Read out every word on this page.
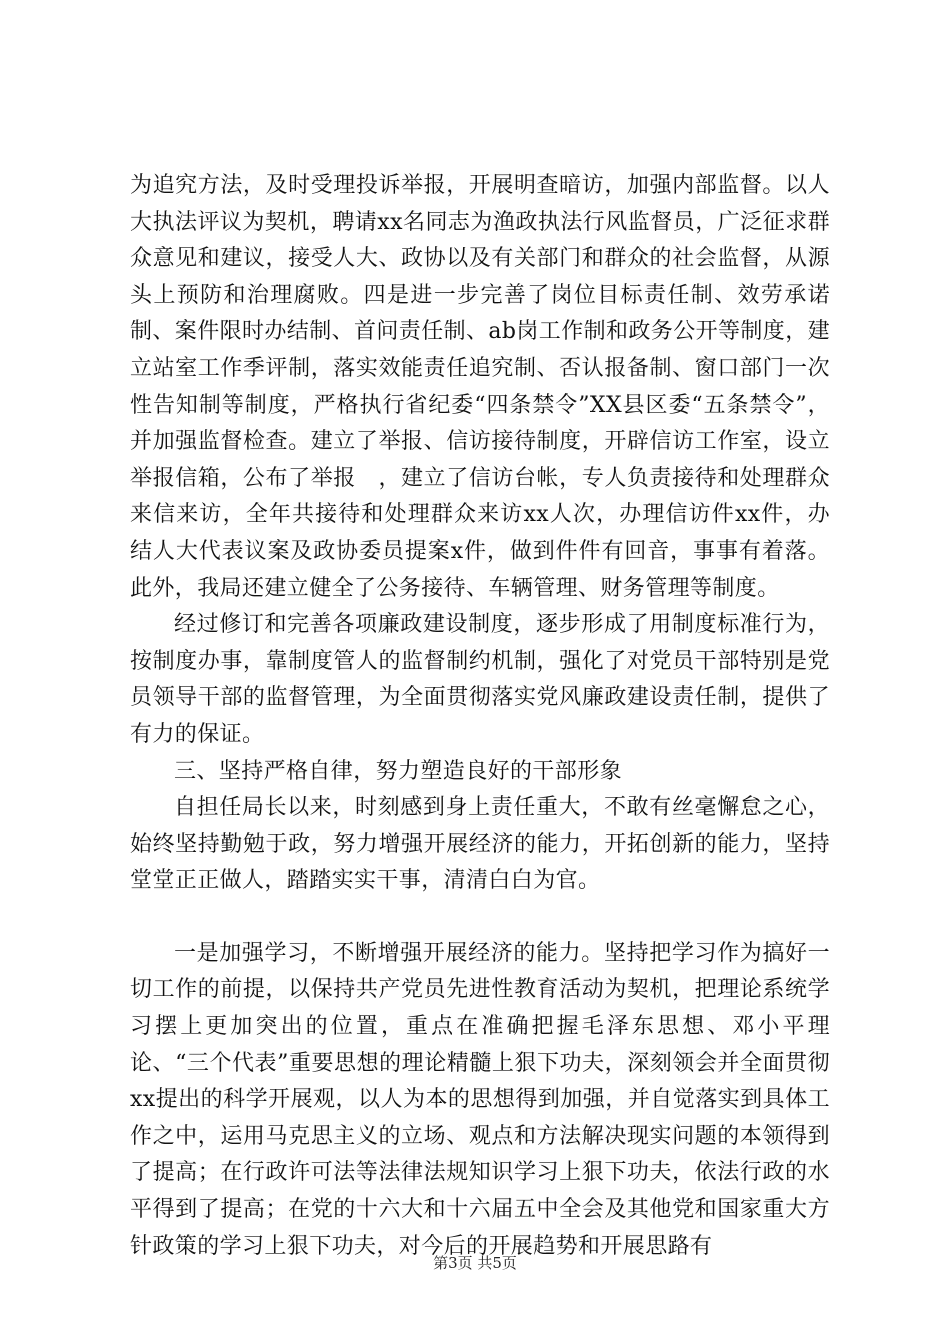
为追究方法，及时受理投诉举报，开展明查暗访，加强内部监督。以人大执法评议为契机，聘请xx名同志为渔政执法行风监督员，广泛征求群众意见和建议，接受人大、政协以及有关部门和群众的社会监督，从源头上预防和治理腐败。四是进一步完善了岗位目标责任制、效劳承诺制、案件限时办结制、首问责任制、ab岗工作制和政务公开等制度，建立站室工作季评制，落实效能责任追究制、否认报备制、窗口部门一次性告知制等制度，严格执行省纪委“四条禁令”XX县区委“五条禁令”，并加强监督检查。建立了举报、信访接待制度，开辟信访工作室，设立举报信箱，公布了举报　，建立了信访台帐，专人负责接待和处理群众来信来访，全年共接待和处理群众来访xx人次，办理信访件xx件，办结人大代表议案及政协委员提案x件，做到件件有回音，事事有着落。此外，我局还建立健全了公务接待、车辆管理、财务管理等制度。

经过修订和完善各项廉政建设制度，逐步形成了用制度标准行为，按制度办事，靠制度管人的监督制约机制，强化了对党员干部特别是党员领导干部的监督管理，为全面贯彻落实党风廉政建设责任制，提供了有力的保证。

三、坚持严格自律，努力塑造良好的干部形象

自担任局长以来，时刻感到身上责任重大，不敢有丝毫懈怠之心，始终坚持勤勉于政，努力增强开展经济的能力，开拓创新的能力，坚持堂堂正正做人，踏踏实实干事，清清白白为官。

一是加强学习，不断增强开展经济的能力。坚持把学习作为搞好一切工作的前提，以保持共产党员先进性教育活动为契机，把理论系统学习摆上更加突出的位置，重点在准确把握毛泽东思想、邓小平理论、“三个代表”重要思想的理论精髓上狠下功夫，深刻领会并全面贯彻xx提出的科学开展观，以人为本的思想得到加强，并自觉落实到具体工作之中，运用马克思主义的立场、观点和方法解决现实问题的本领得到了提高；在行政许可法等法律法规知识学习上狠下功夫，依法行政的水平得到了提高；在党的十六大和十六届五中全会及其他党和国家重大方针政策的学习上狠下功夫，对今后的开展趋势和开展思路有

第3页 共5页
